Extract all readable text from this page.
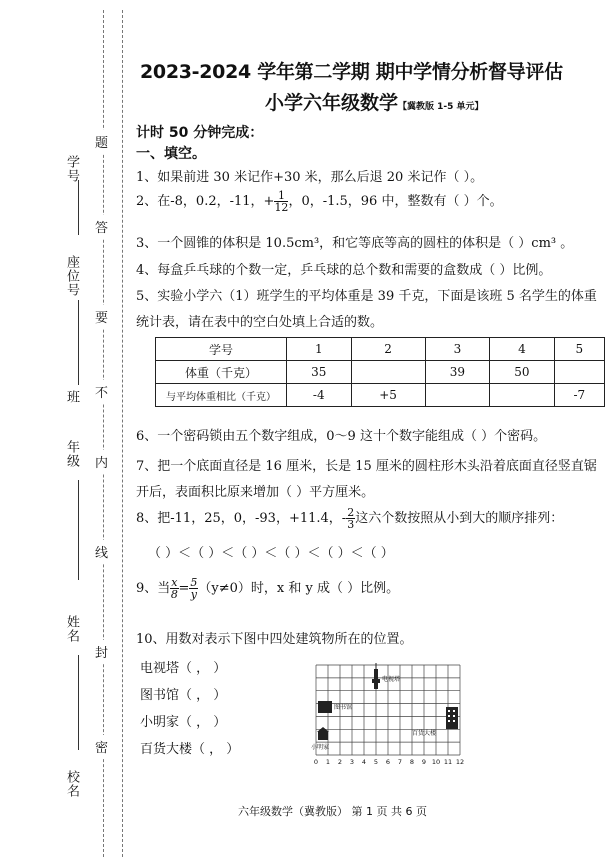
学号
座位号
班
年级
姓名
校名
题
答
要
不
内
线
封
密
2023-2024 学年第二学期 期中学情分析督导评估
小学六年级数学【冀教版 1-5 单元】
计时 50 分钟完成：
一、填空。
1、如果前进 30 米记作+30 米，那么后退 20 米记作（ ）。
2、在-8，0.2，-11，+ $\frac{1}{12}$ ，0，-1.5，96 中，整数有（ ）个。
3、一个圆锥的体积是 10.5cm³，和它等底等高的圆柱的体积是（ ）cm³ 。
4、每盒乒乓球的个数一定，乒乓球的总个数和需要的盒数成（ ）比例。
5、实验小学六（1）班学生的平均体重是 39 千克，下面是该班 5 名学生的体重
统计表，请在表中的空白处填上合适的数。
学号	1	2	3	4	5
体重（千克）	35		39	50	
与平均体重相比（千克）	-4	+5			-7
6、一个密码锁由五个数字组成，0～9 这十个数字能组成（ ）个密码。
7、把一个底面直径是 16 厘米，长是 15 厘米的圆柱形木头沿着底面直径竖直锯
开后，表面积比原来增加（ ）平方厘米。
8、把-11，25，0，-93，+11.4，- $\frac{2}{3}$ 这六个数按照从小到大的顺序排列：
（ ）＜（ ）＜（ ）＜（ ）＜（ ）＜（ ）
9、当 $\frac{x}{8} = \frac{5}{y} (y\ne 0)$时，x 和 y 成（ ）比例。
10、用数对表示下图中四处建筑物所在的位置。
电视塔（ ， ）
图书馆（ ， ）
小明家（ ， ）
百货大楼（ ， ）
电视塔
图书馆
小明家
百货大楼
0 1 2 3 4 5 6 7 8 9 10 11 12
六年级数学（冀教版） 第 1 页 共 6 页
